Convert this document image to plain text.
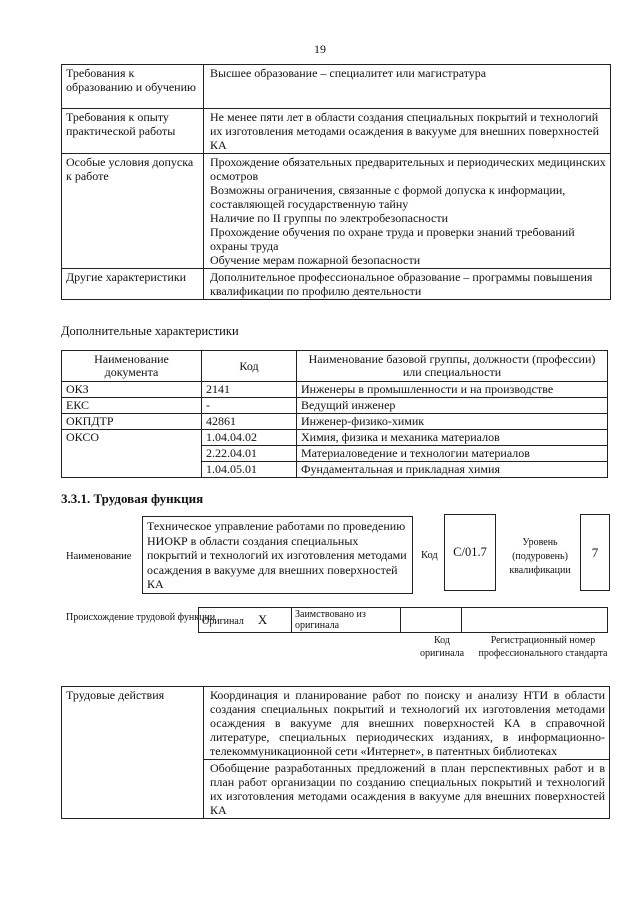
19
Требования к образованию и обучению	Высшее образование – специалитет или магистратура
Требования к опыту практической работы	Не менее пяти лет в области создания специальных покрытий и технологий их изготовления методами осаждения в вакууме для внешних поверхностей КА
Особые условия допуска к работе	Прохождение обязательных предварительных и периодических медицинских осмотров
Возможны ограничения, связанные с формой допуска к информации, составляющей государственную тайну
Наличие по II группы по электробезопасности
Прохождение обучения по охране труда и проверки знаний требований охраны труда
Обучение мерам пожарной безопасности

Другие характеристики	Дополнительное профессиональное образование – программы повышения квалификации по профилю деятельности
Дополнительные характеристики
Наименование документа	Код	Наименование базовой группы, должности (профессии) или специальности
ОКЗ	2141	Инженеры в промышленности и на производстве
ЕКС	-	Ведущий инженер
ОКПДТР	42861	Инженер-физико-химик
ОКСО	1.04.04.02	Химия, физика и механика материалов
	2.22.04.01	Материаловедение и технологии материалов
	1.04.05.01	Фундаментальная и прикладная химия
3.3.1. Трудовая функция
Наименование
Техническое управление работами по проведению НИОКР в области создания специальных покрытий и технологий их изготовления методами осаждения в вакууме для внешних поверхностей КА
Код	C/01.7
Уровень (подуровень) квалификации
7
Происхождение трудовой функции
Оригинал X	Заимствовано из оригинала		
Код оригинала
Регистрационный номер профессионального стандарта
Трудовые действия	Координация и планирование работ по поиску и анализу НТИ в области создания специальных покрытий и технологий их изготовления методами осаждения в вакууме для внешних поверхностей КА в справочной литературе, специальных периодических изданиях, в информационно-телекоммуникационной сети «Интернет», в патентных библиотеках
Обобщение разработанных предложений в план перспективных работ и в план работ организации по созданию специальных покрытий и технологий их изготовления методами осаждения в вакууме для внешних поверхностей КА
